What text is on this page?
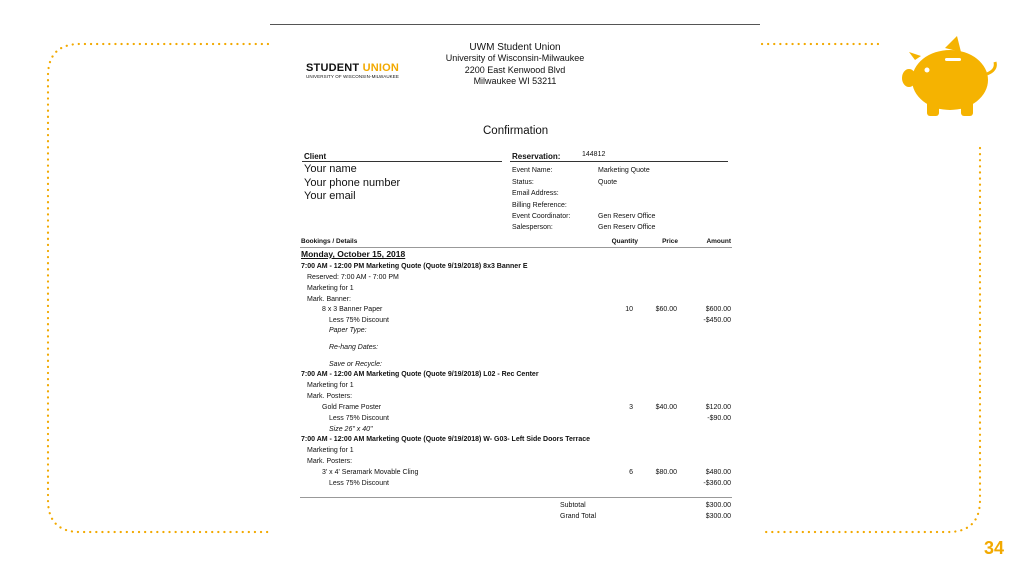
34
STUDENT UNION
UNIVERSITY OF WISCONSIN-MILWAUKEE
UWM Student Union
University of Wisconsin-Milwaukee
2200 East Kenwood Blvd
Milwaukee WI 53211
Confirmation
Client
Your name
Your phone number
Your email
Reservation:	144812
Event Name:	Marketing Quote
Status:	Quote
Email Address:
Billing Reference:
Event Coordinator:	Gen Reserv Office
Salesperson:	Gen Reserv Office
Bookings / Details	Quantity	Price	Amount
Monday, October 15, 2018
7:00 AM - 12:00 PM Marketing Quote (Quote 9/19/2018) 8x3 Banner E
Reserved: 7:00 AM - 7:00 PM
Marketing for 1
Mark. Banner:
8 x 3 Banner Paper	10	$60.00	$600.00
Less 75% Discount	-$450.00
Paper Type:
Re-hang Dates:
Save or Recycle:
7:00 AM - 12:00 AM Marketing Quote (Quote 9/19/2018) L02 - Rec Center
Marketing for 1
Mark. Posters:
Gold Frame Poster	3	$40.00	$120.00
Less 75% Discount	-$90.00
Size 26" x 40"
7:00 AM - 12:00 AM Marketing Quote (Quote 9/19/2018) W- G03- Left Side Doors Terrace
Marketing for 1
Mark. Posters:
3' x 4' Seramark Movable Cling	6	$80.00	$480.00
Less 75% Discount	-$360.00
Subtotal	$300.00
Grand Total	$300.00
